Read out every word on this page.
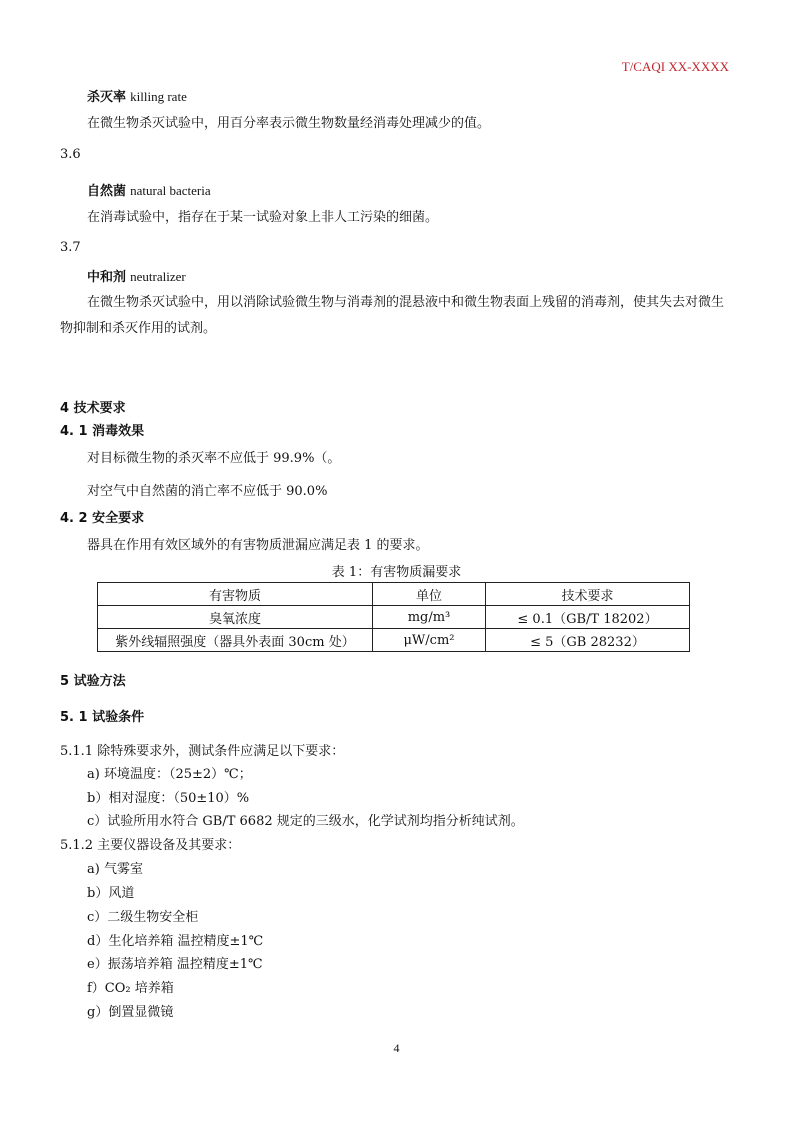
T/CAQI XX-XXXX
杀灭率 killing rate
在微生物杀灭试验中，用百分率表示微生物数量经消毒处理减少的值。
3.6
自然菌 natural bacteria
在消毒试验中，指存在于某一试验对象上非人工污染的细菌。
3.7
中和剂 neutralizer
在微生物杀灭试验中，用以消除试验微生物与消毒剂的混悬液中和微生物表面上残留的消毒剂，使其失去对微生物抑制和杀灭作用的试剂。
4 技术要求
4. 1 消毒效果
对目标微生物的杀灭率不应低于 99.9%（。
对空气中自然菌的消亡率不应低于 90.0%
4. 2 安全要求
器具在作用有效区域外的有害物质泄漏应满足表 1 的要求。
表 1：有害物质漏要求
有害物质	单位	技术要求
臭氧浓度	mg/m³	≤ 0.1（GB/T 18202）
紫外线辐照强度（器具外表面 30cm 处）	μW/cm²	≤ 5（GB 28232）
5 试验方法
5. 1 试验条件
5.1.1 除特殊要求外，测试条件应满足以下要求：
a) 环境温度：（25±2）℃；
b）相对湿度：（50±10）%
c）试验所用水符合 GB/T 6682 规定的三级水，化学试剂均指分析纯试剂。
5.1.2 主要仪器设备及其要求：
a) 气雾室
b）风道
c）二级生物安全柜
d）生化培养箱 温控精度±1℃
e）振荡培养箱 温控精度±1℃
f）CO₂ 培养箱
g）倒置显微镜
4
